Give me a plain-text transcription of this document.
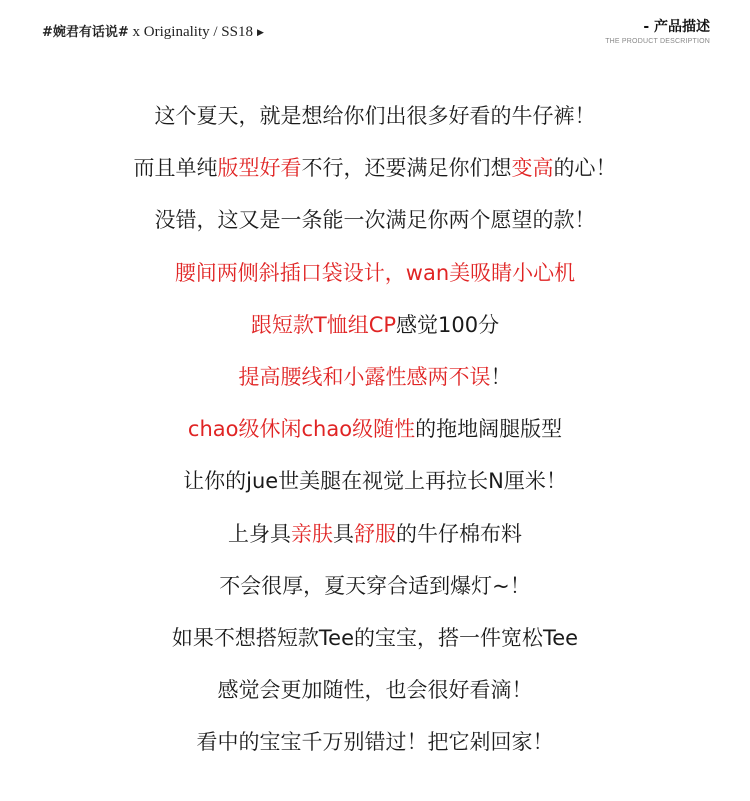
#婉君有话说# x Originality / SS18 ▶	- 产品描述
THE PRODUCT DESCRIPTION
这个夏天，就是想给你们出很多好看的牛仔裤！
而且单纯版型好看不行，还要满足你们想变高的心！
没错，这又是一条能一次满足你两个愿望的款！
腰间两侧斜插口袋设计，wan美吸睛小心机
跟短款T恤组CP感觉100分
提高腰线和小露性感两不误！
chao级休闲chao级随性的拖地阔腿版型
让你的jue世美腿在视觉上再拉长N厘米！
上身具亲肤具舒服的牛仔棉布料
不会很厚，夏天穿合适到爆灯~！
如果不想搭短款Tee的宝宝，搭一件宽松Tee
感觉会更加随性，也会很好看滴！
看中的宝宝千万别错过！把它剁回家！
